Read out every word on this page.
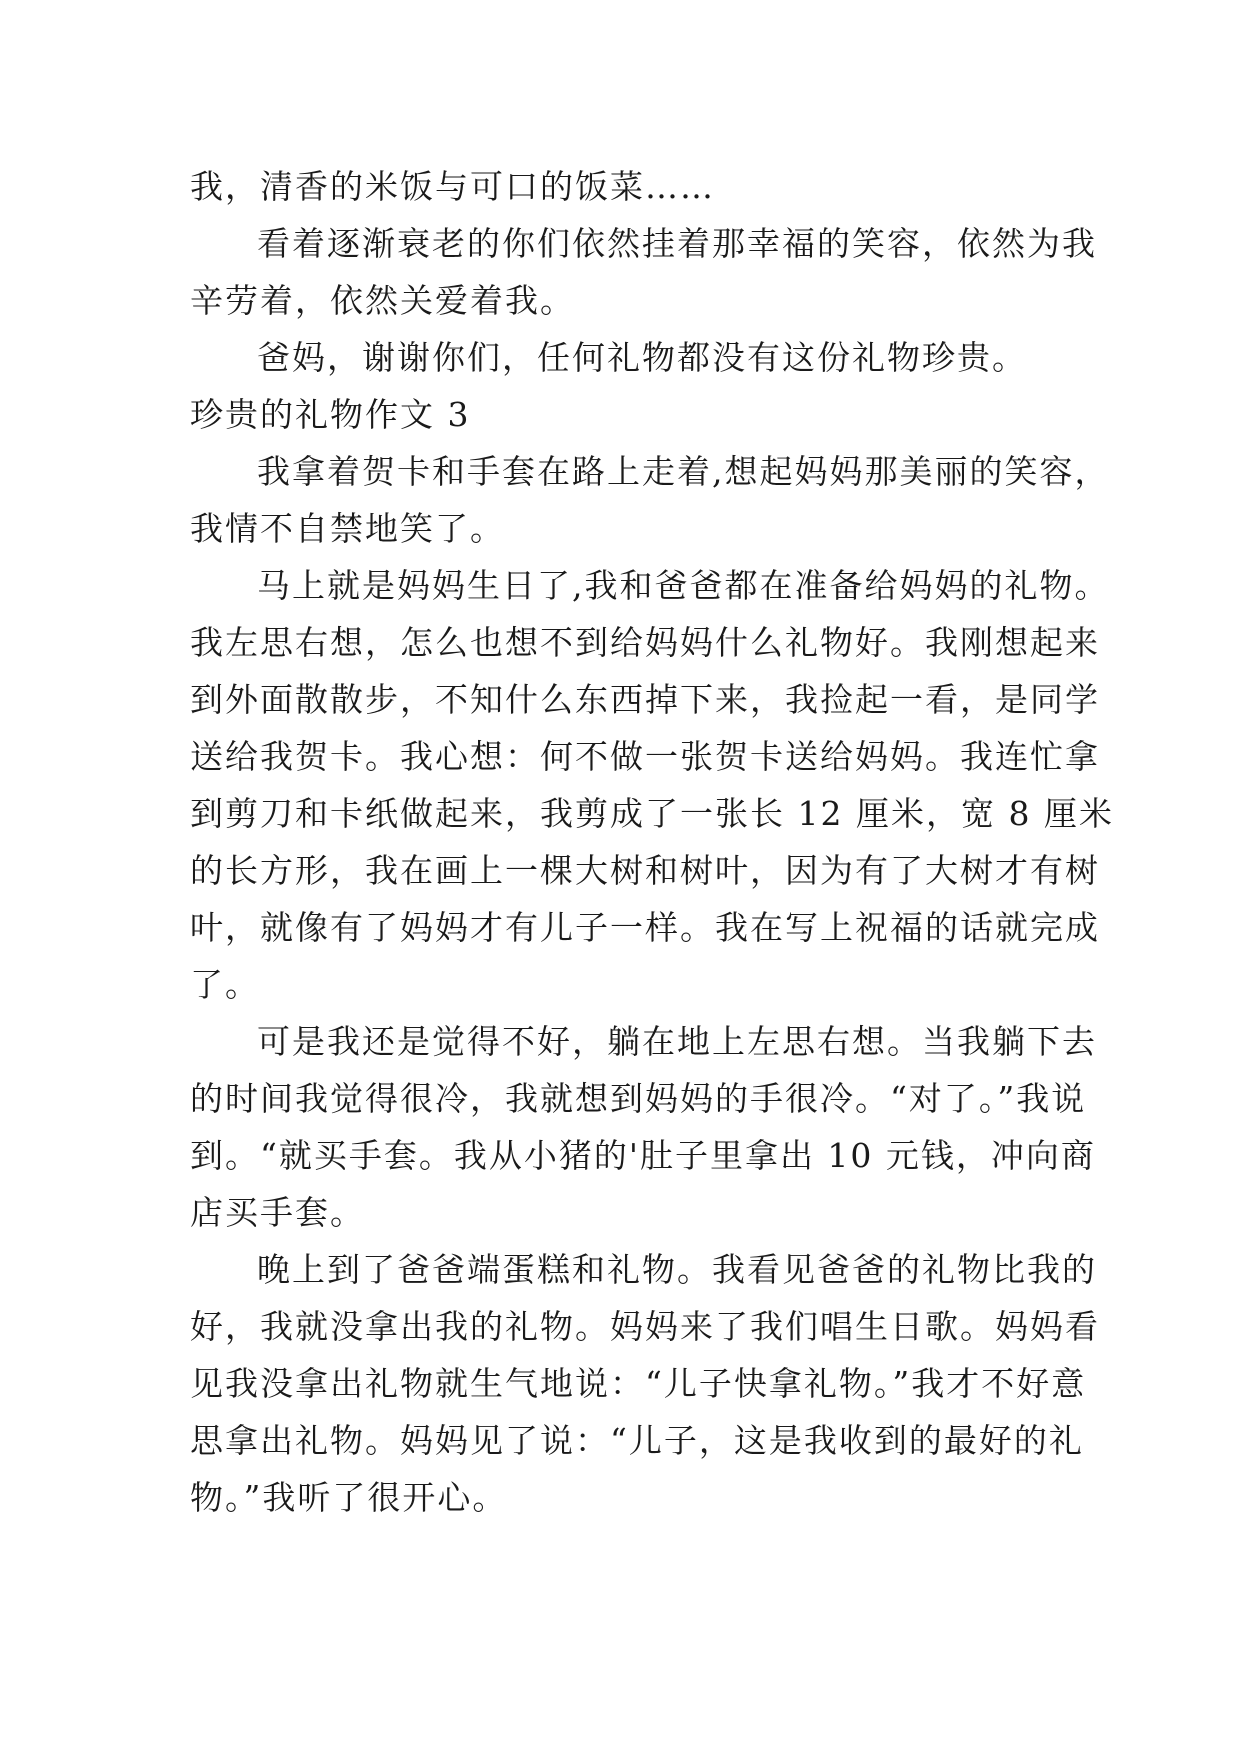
我，清香的米饭与可口的饭菜……
看着逐渐衰老的你们依然挂着那幸福的笑容，依然为我
辛劳着，依然关爱着我。
爸妈，谢谢你们，任何礼物都没有这份礼物珍贵。
珍贵的礼物作文 3
我拿着贺卡和手套在路上走着,想起妈妈那美丽的笑容，
我情不自禁地笑了。
马上就是妈妈生日了,我和爸爸都在准备给妈妈的礼物。
我左思右想，怎么也想不到给妈妈什么礼物好。我刚想起来
到外面散散步，不知什么东西掉下来，我捡起一看，是同学
送给我贺卡。我心想：何不做一张贺卡送给妈妈。我连忙拿
到剪刀和卡纸做起来，我剪成了一张长 12 厘米，宽 8 厘米
的长方形，我在画上一棵大树和树叶，因为有了大树才有树
叶，就像有了妈妈才有儿子一样。我在写上祝福的话就完成
了。
可是我还是觉得不好，躺在地上左思右想。当我躺下去
的时间我觉得很冷，我就想到妈妈的手很冷。“对了。”我说
到。“就买手套。我从小猪的'肚子里拿出 10 元钱，冲向商
店买手套。
晚上到了爸爸端蛋糕和礼物。我看见爸爸的礼物比我的
好，我就没拿出我的礼物。妈妈来了我们唱生日歌。妈妈看
见我没拿出礼物就生气地说：“儿子快拿礼物。”我才不好意
思拿出礼物。妈妈见了说：“儿子，这是我收到的最好的礼
物。”我听了很开心。
